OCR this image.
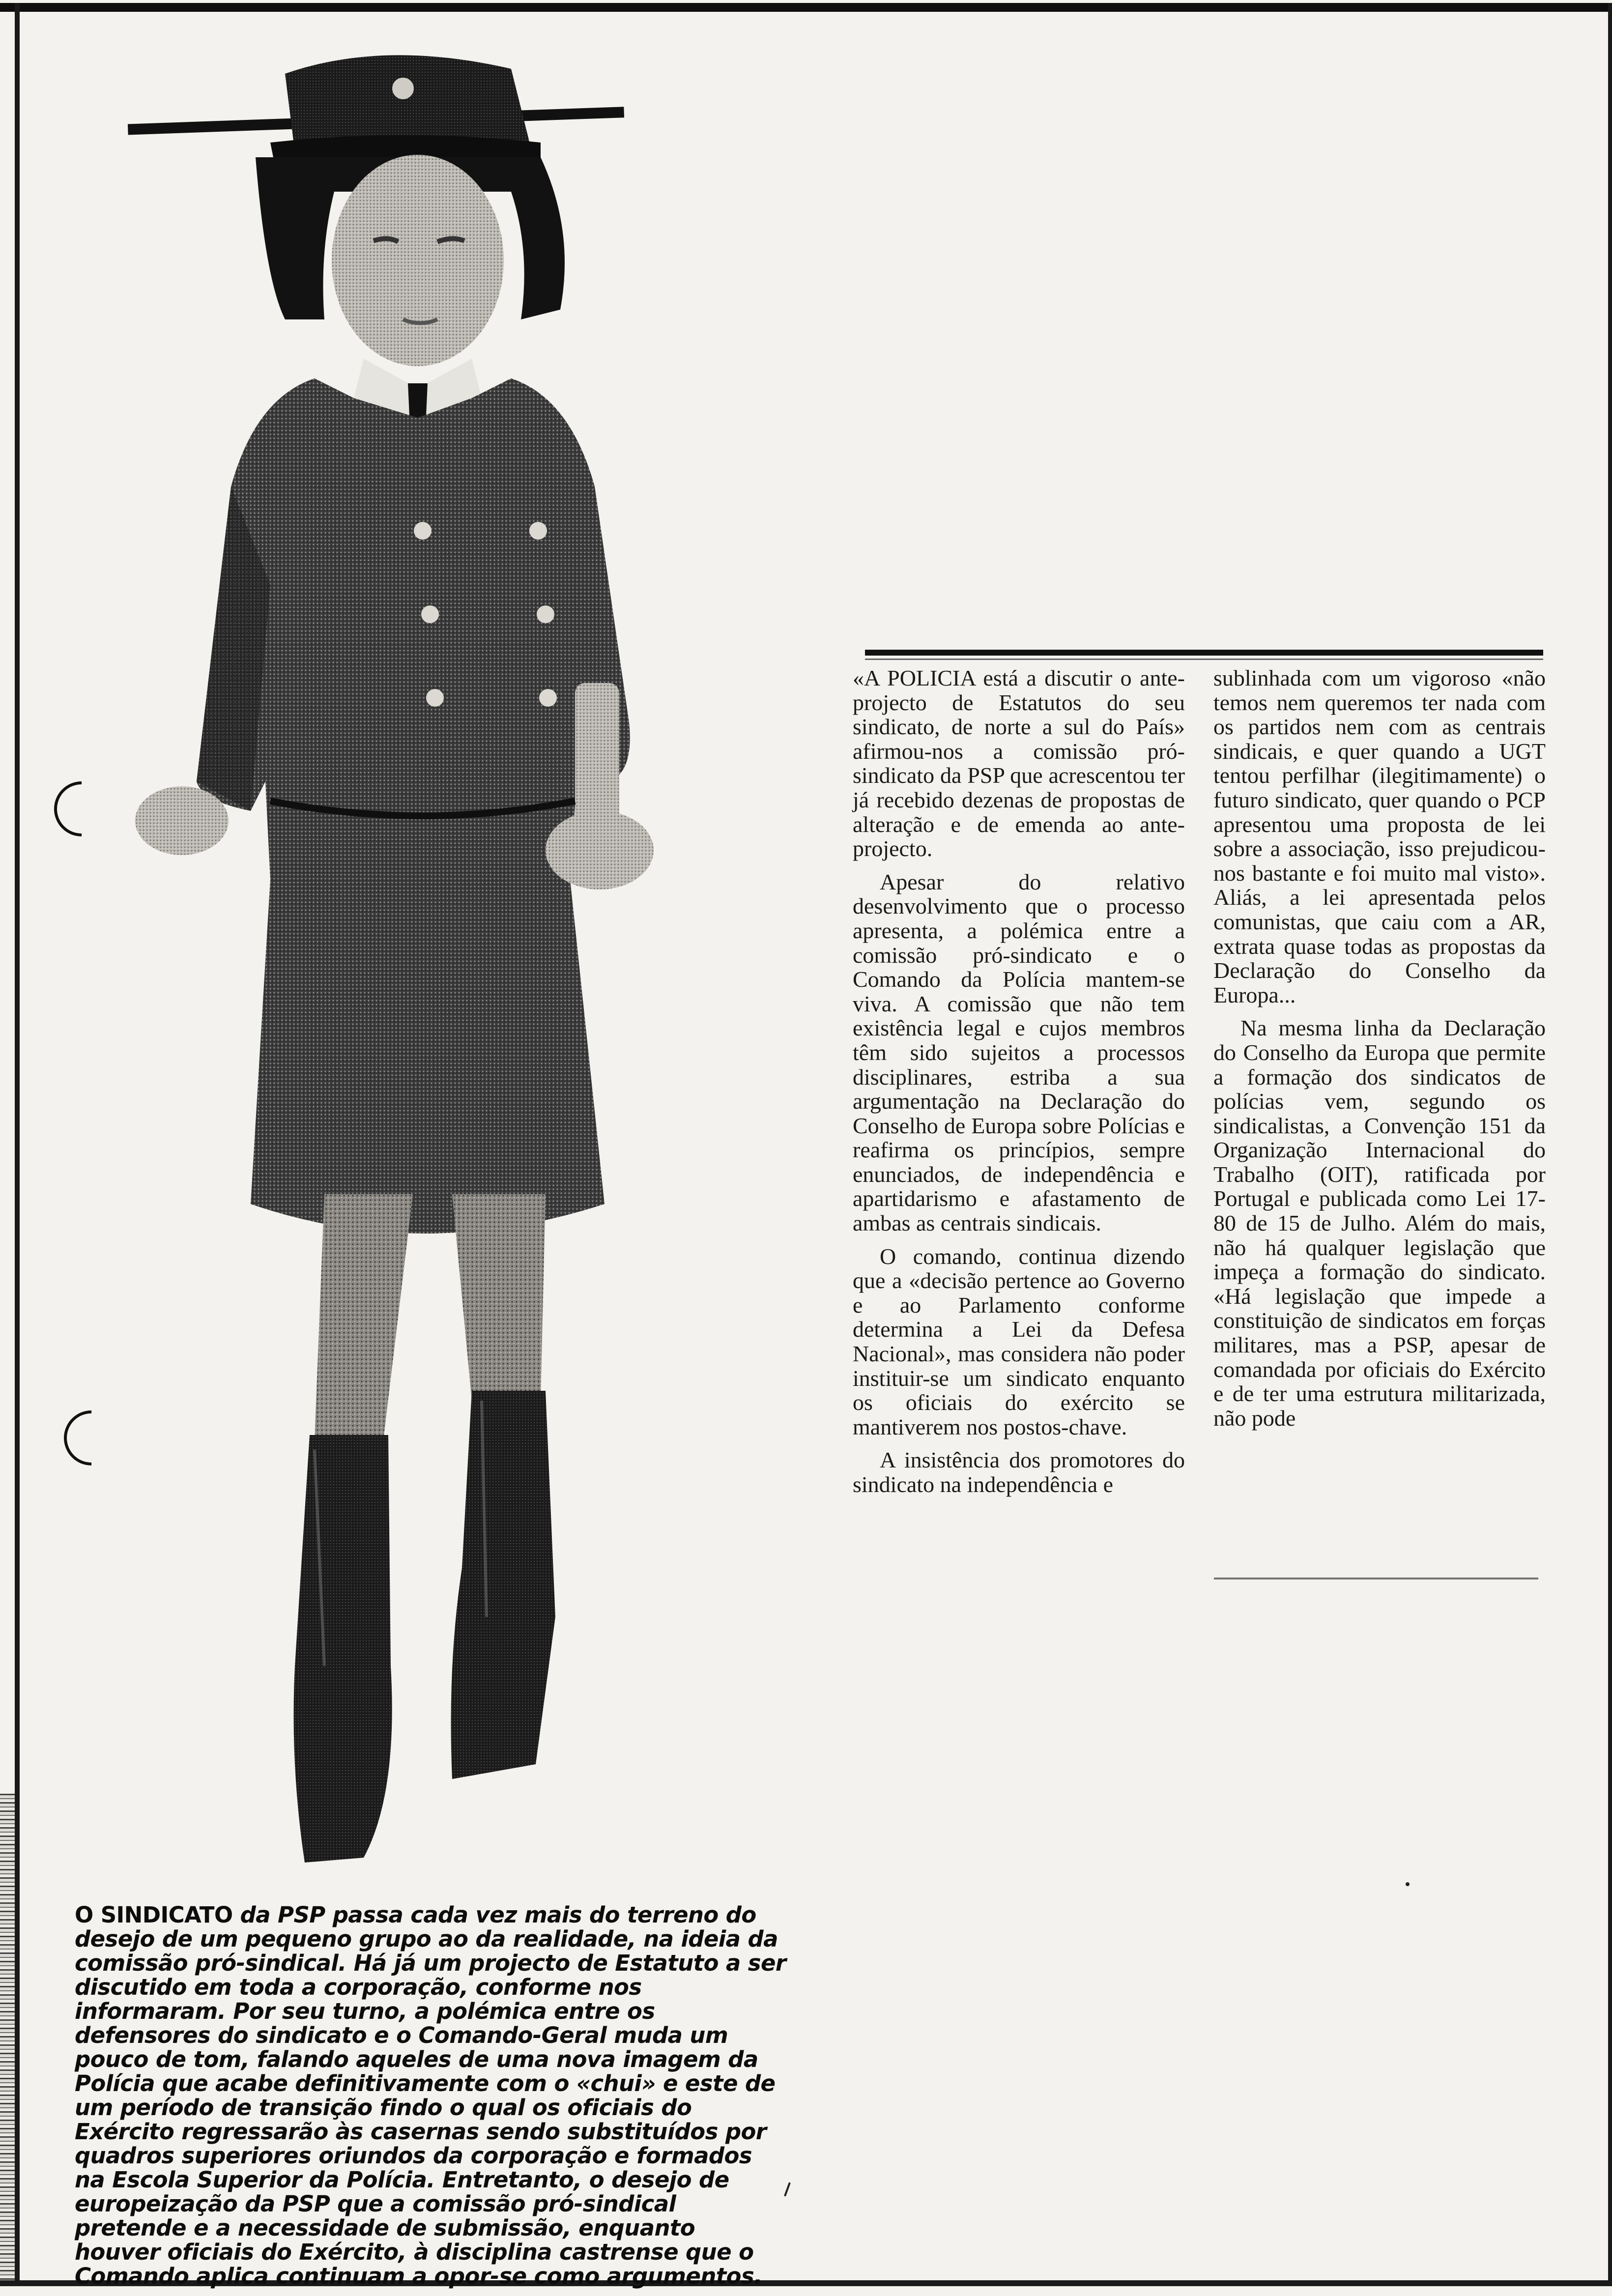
«A POLICIA está a discutir o ante-projecto de Estatutos do seu sindicato, de norte a sul do País» afirmou-nos a comissão pró-sindicato da PSP que acrescentou ter já recebido dezenas de propostas de alteração e de emenda ao ante-projecto.

Apesar do relativo desenvolvimento que o processo apresenta, a polémica entre a comissão pró-sindicato e o Comando da Polícia mantem-se viva. A comissão que não tem existência legal e cujos membros têm sido sujeitos a processos disciplinares, estriba a sua argumentação na Declaração do Conselho de Europa sobre Polícias e reafirma os princípios, sempre enunciados, de independência e apartidarismo e afastamento de ambas as centrais sindicais.

O comando, continua dizendo que a «decisão pertence ao Governo e ao Parlamento conforme determina a Lei da Defesa Nacional», mas considera não poder instituir-se um sindicato enquanto os oficiais do exército se mantiverem nos postos-chave.

A insistência dos promotores do sindicato na independência e

sublinhada com um vigoroso «não temos nem queremos ter nada com os partidos nem com as centrais sindicais, e quer quando a UGT tentou perfilhar (ilegitimamente) o futuro sindicato, quer quando o PCP apresentou uma proposta de lei sobre a associação, isso prejudicou-nos bastante e foi muito mal visto». Aliás, a lei apresentada pelos comunistas, que caiu com a AR, extrata quase todas as propostas da Declaração do Conselho da Europa...

Na mesma linha da Declaração do Conselho da Europa que permite a formação dos sindicatos de polícias vem, segundo os sindicalistas, a Convenção 151 da Organização Internacional do Trabalho (OIT), ratificada por Portugal e publicada como Lei 17-80 de 15 de Julho. Além do mais, não há qualquer legislação que impeça a formação do sindicato. «Há legislação que impede a constituição de sindicatos em forças militares, mas a PSP, apesar de comandada por oficiais do Exército e de ter uma estrutura militarizada, não pode

O SINDICATO da PSP passa cada vez mais do terreno do desejo de um pequeno grupo ao da realidade, na ideia da comissão pró-sindical. Há já um projecto de Estatuto a ser discutido em toda a corporação, conforme nos informaram. Por seu turno, a polémica entre os defensores do sindicato e o Comando-Geral muda um pouco de tom, falando aqueles de uma nova imagem da Polícia que acabe definitivamente com o «chui» e este de um período de transição findo o qual os oficiais do Exército regressarão às casernas sendo substituídos por quadros superiores oriundos da corporação e formados na Escola Superior da Polícia. Entretanto, o desejo de europeização da PSP que a comissão pró-sindical pretende e a necessidade de submissão, enquanto houver oficiais do Exército, à disciplina castrense que o Comando aplica continuam a opor-se como argumentos.
